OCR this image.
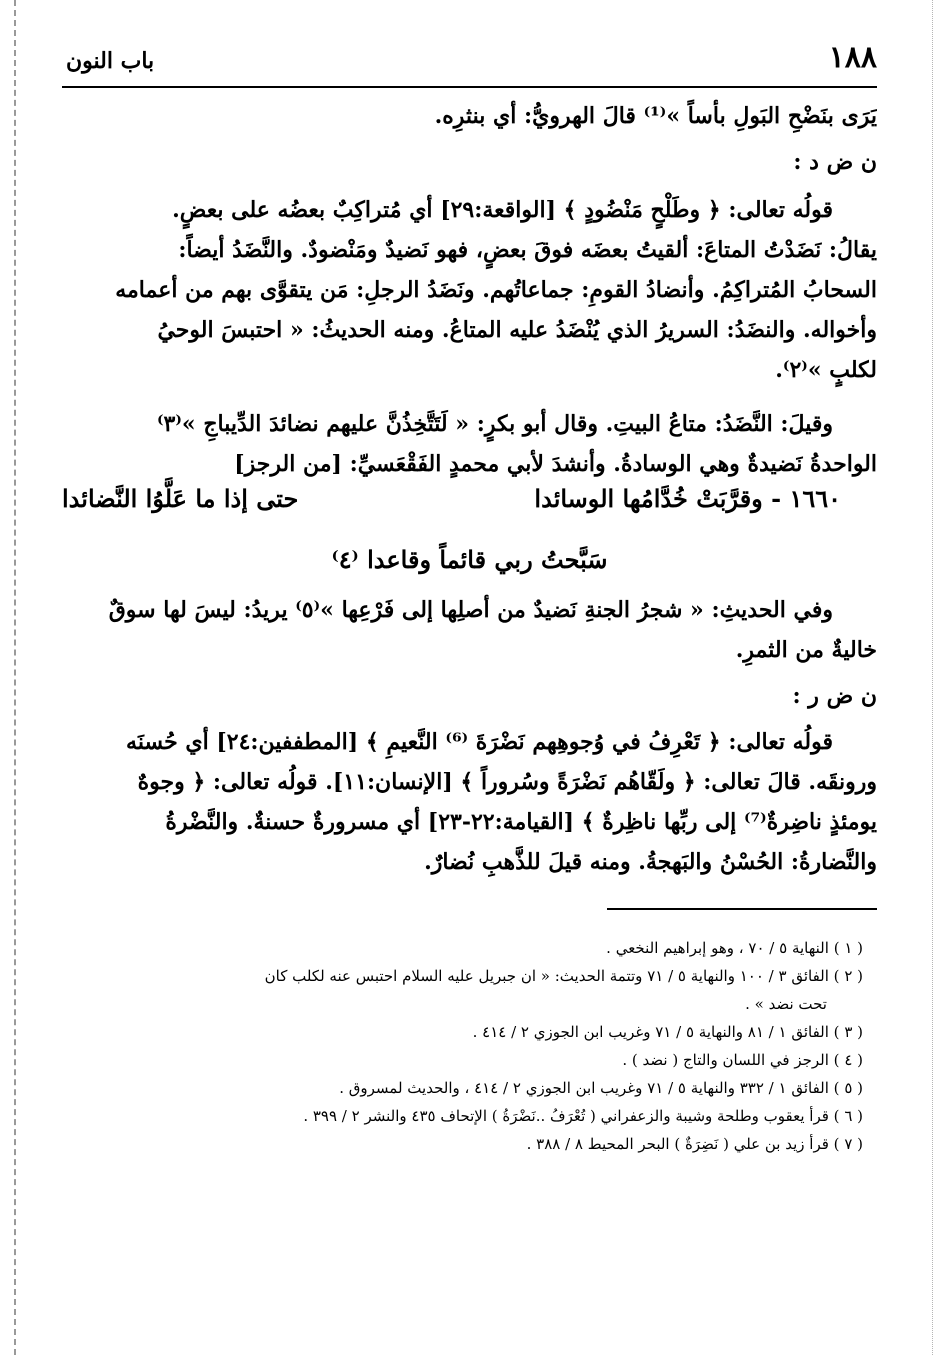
١٨٨
باب النون
يَرَى بنَضْحِ البَولِ بأساً »⁽¹⁾ قالَ الهرويُّ: أي بنثرِه.
ن ض د :
قولُه تعالى: ﴿ وطَلْحٍ مَنْضُودٍ ﴾ [الواقعة:٢٩] أي مُتراكِبٌ بعضُه على بعضٍ.
يقالُ: نَضَدْتُ المتاعَ: ألقيتُ بعضَه فوقَ بعضٍ، فهو نَضيدٌ ومَنْضودٌ. والنَّضَدُ أيضاً:
السحابُ المُتراكِمُ. وأنضادُ القومِ: جماعاتُهم. ونَضَدُ الرجلِ: مَن يتقوَّى بهم من أعمامه
وأخواله. والنضَدُ: السريرُ الذي يُنْضَدُ عليه المتاعُ. ومنه الحديثُ: « احتبسَ الوحيُ
لكلبٍ »⁽٢⁾.
وقيلَ: النَّضَدُ: متاعُ البيتِ. وقال أبو بكرٍ: « لَتَتَّخِذُنَّ عليهم نضائدَ الدِّيباجِ »⁽٣⁾
الواحدةُ نَضيدةٌ وهي الوسادةُ. وأنشدَ لأبي محمدٍ الفَقْعَسيِّ: [من الرجز]
١٦٦٠ - وقرَّبَتْ خُدَّامُها الوسائدا
حتى إذا ما عَلَّوُا النَّضائدا
سَبَّحتُ ربي قائماً وقاعدا ⁽٤⁾
وفي الحديثِ: « شجرُ الجنةِ نَضيدٌ من أصلِها إلى فَرْعِها »⁽٥⁾ يريدُ: ليسَ لها سوقٌ
خاليةٌ من الثمرِ.
ن ض ر :
قولُه تعالى: ﴿ تَعْرِفُ في وُجوهِهم نَضْرَةَ ⁽⁶⁾ النَّعيمِ ﴾ [المطففين:٢٤] أي حُسنَه
ورونقَه. قالَ تعالى: ﴿ ولَقّاهُم نَضْرَةً وسُروراً ﴾ [الإنسان:١١]. قولُه تعالى: ﴿ وجوهٌ
يومئذٍ ناضِرةٌ⁽⁷⁾ إلى ربِّها ناظِرةٌ ﴾ [القيامة:٢٢-٢٣] أي مسرورةٌ حسنةٌ. والنَّضْرةُ
والنَّضارةُ: الحُسْنُ والبَهجةُ. ومنه قيلَ للذَّهبِ نُضارٌ.
( ١ ) النهاية ٥ / ٧٠ ، وهو إبراهيم النخعي .
( ٢ ) الفائق ٣ / ١٠٠ والنهاية ٥ / ٧١ وتتمة الحديث: « ان جبريل عليه السلام احتبس عنه لكلب كان
تحت نضد » .
( ٣ ) الفائق ١ / ٨١ والنهاية ٥ / ٧١ وغريب ابن الجوزي ٢ / ٤١٤ .
( ٤ ) الرجز في اللسان والتاج ( نضد ) .
( ٥ ) الفائق ١ / ٣٣٢ والنهاية ٥ / ٧١ وغريب ابن الجوزي ٢ / ٤١٤ ، والحديث لمسروق .
( ٦ ) قرأ يعقوب وطلحة وشيبة والزعفراني ( تُعْرَفُ ..نَضْرَةُ ) الإتحاف ٤٣٥ والنشر ٢ / ٣٩٩ .
( ٧ ) قرأ زيد بن علي ( نَضِرَةٌ ) البحر المحيط ٨ / ٣٨٨ .
